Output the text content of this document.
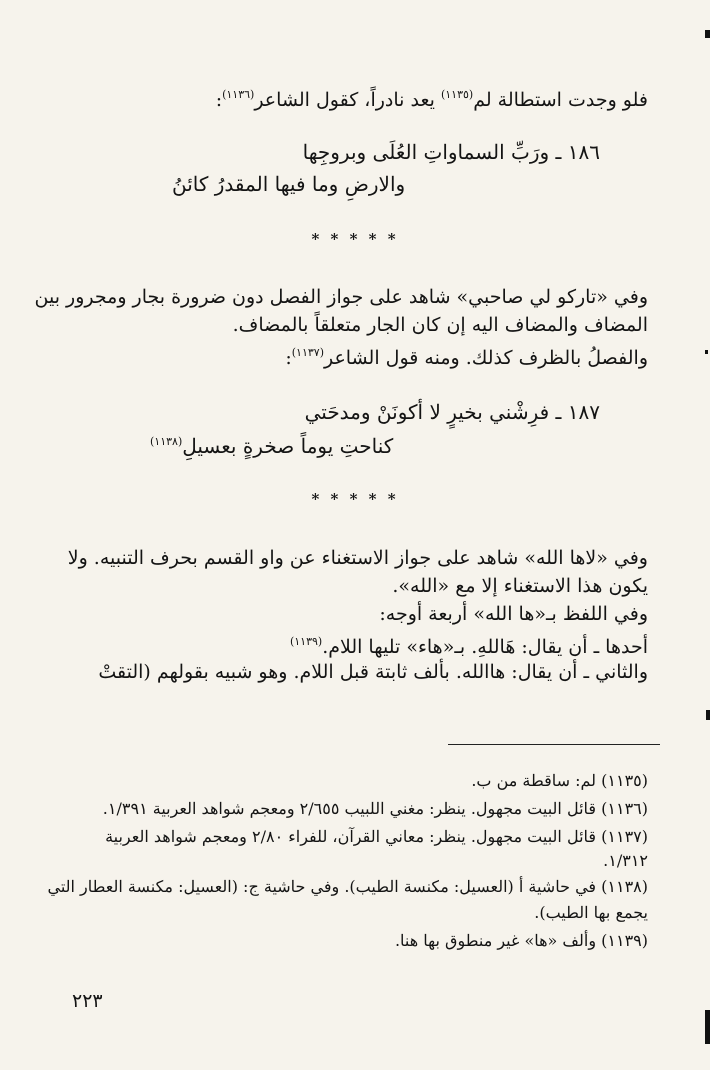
فلو وجدت استطالة لم$^{(١١٣٥)}$ يعد نادراً، كقول الشاعر$^{(١١٣٦)}$:
١٨٦ ـ ورَبِّ السماواتِ العُلَى وبروجِها
والارضِ وما فيها المقدرُ كائنُ
* * * * *
وفي «تاركو لي صاحبي» شاهد على جواز الفصل دون ضرورة بجار ومجرور بين
المضاف والمضاف اليه إن كان الجار متعلقاً بالمضاف.
والفصلُ بالظرف كذلك. ومنه قول الشاعر$^{(١١٣٧)}$:
١٨٧ ـ فرِشْني بخيرٍ لا أكونَنْ ومدحَتي
كناحتِ يوماً صخرةٍ بعسيلِ$^{(١١٣٨)}$
* * * * *
وفي «لاها الله» شاهد على جواز الاستغناء عن واو القسم بحرف التنبيه. ولا
يكون هذا الاستغناء إلا مع «الله».
وفي اللفظ بـ«ها الله» أربعة أوجه:
أحدها ـ أن يقال: هَاللهِ. بـ«هاء» تليها اللام.$^{(١١٣٩)}$
والثاني ـ أن يقال: هاالله. بألف ثابتة قبل اللام. وهو شبيه بقولهم (التقتْ
(١١٣٥) لم: ساقطة من ب.
(١١٣٦) قائل البيت مجهول. ينظر: مغني اللبيب ٢/٦٥٥ ومعجم شواهد العربية ١/٣٩١.
(١١٣٧) قائل البيت مجهول. ينظر: معاني القرآن، للفراء ٢/٨٠ ومعجم شواهد العربية
١/٣١٢.
(١١٣٨) في حاشية أ (العسيل: مكنسة الطيب). وفي حاشية ج: (العسيل: مكنسة العطار التي
يجمع بها الطيب).
(١١٣٩) وألف «ها» غير منطوق بها هنا.
٢٢٣
